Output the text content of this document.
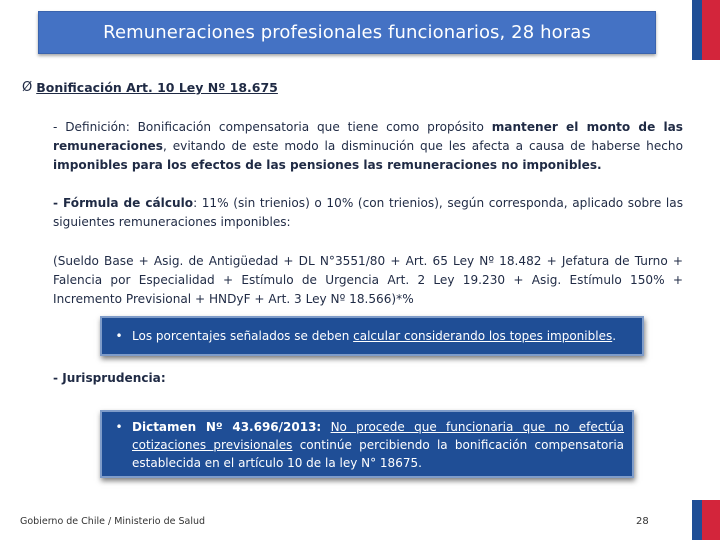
Remuneraciones profesionales funcionarios, 28 horas
Ø Bonificación Art. 10 Ley Nº 18.675
- Definición: Bonificación compensatoria que tiene como propósito mantener el monto de las remuneraciones, evitando de este modo la disminución que les afecta a causa de haberse hecho imponibles para los efectos de las pensiones las remuneraciones no imponibles.
- Fórmula de cálculo: 11% (sin trienios) o 10% (con trienios), según corresponda, aplicado sobre las siguientes remuneraciones imponibles:
(Sueldo Base + Asig. de Antigüedad + DL N°3551/80 + Art. 65 Ley Nº 18.482 + Jefatura de Turno + Falencia por Especialidad + Estímulo de Urgencia Art. 2 Ley 19.230 + Asig. Estímulo 150% + Incremento Previsional + HNDyF + Art. 3 Ley Nº 18.566)*%
• Los porcentajes señalados se deben calcular considerando los topes imponibles.
- Jurisprudencia:
• Dictamen Nº 43.696/2013: No procede que funcionaria que no efectúa cotizaciones previsionales continúe percibiendo la bonificación compensatoria establecida en el artículo 10 de la ley N° 18675.
Gobierno de Chile / Ministerio de Salud	28
